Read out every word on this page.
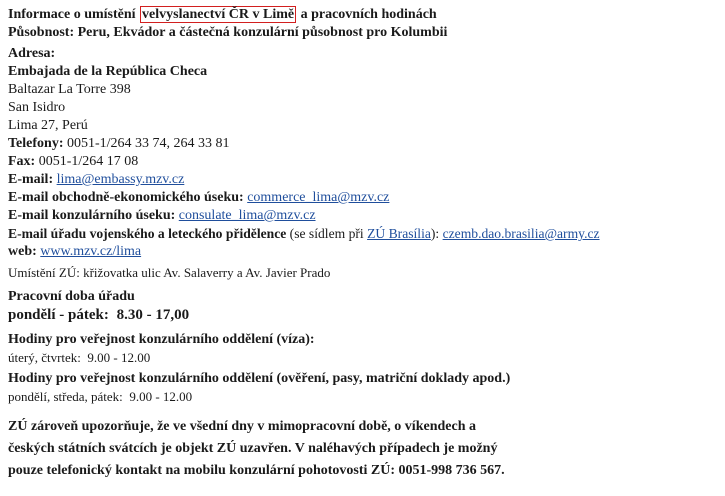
Informace o umístění velvyslanectví ČR v Limě a pracovních hodinách
Působnost: Peru, Ekvádor a částečná konzulární působnost pro Kolumbii
Adresa:
Embajada de la República Checa
Baltazar La Torre 398
San Isidro
Lima 27, Perú
Telefony: 0051-1/264 33 74, 264 33 81
Fax: 0051-1/264 17 08
E-mail: lima@embassy.mzv.cz
E-mail obchodně-ekonomického úseku: commerce_lima@mzv.cz
E-mail konzulárního úseku: consulate_lima@mzv.cz
E-mail úřadu vojenského a leteckého přidělence (se sídlem při ZÚ Brasília): czemb.dao.brasilia@army.cz
web: www.mzv.cz/lima
Umístění ZÚ: křižovatka ulic Av. Salaverry a Av. Javier Prado
Pracovní doba úřadu
pondělí - pátek: 8.30 - 17,00
Hodiny pro veřejnost konzulárního oddělení (víza):
úterý, čtvrtek: 9.00 - 12.00
Hodiny pro veřejnost konzulárního oddělení (ověření, pasy, matriční doklady apod.)
pondělí, středa, pátek: 9.00 - 12.00
ZÚ zároveň upozorňuje, že ve všední dny v mimopracovní době, o víkendech a
českých státních svátcích je objekt ZÚ uzavřen. V naléhavých případech je možný
pouze telefonický kontakt na mobilu konzulární pohotovosti ZÚ: 0051-998 736 567.
